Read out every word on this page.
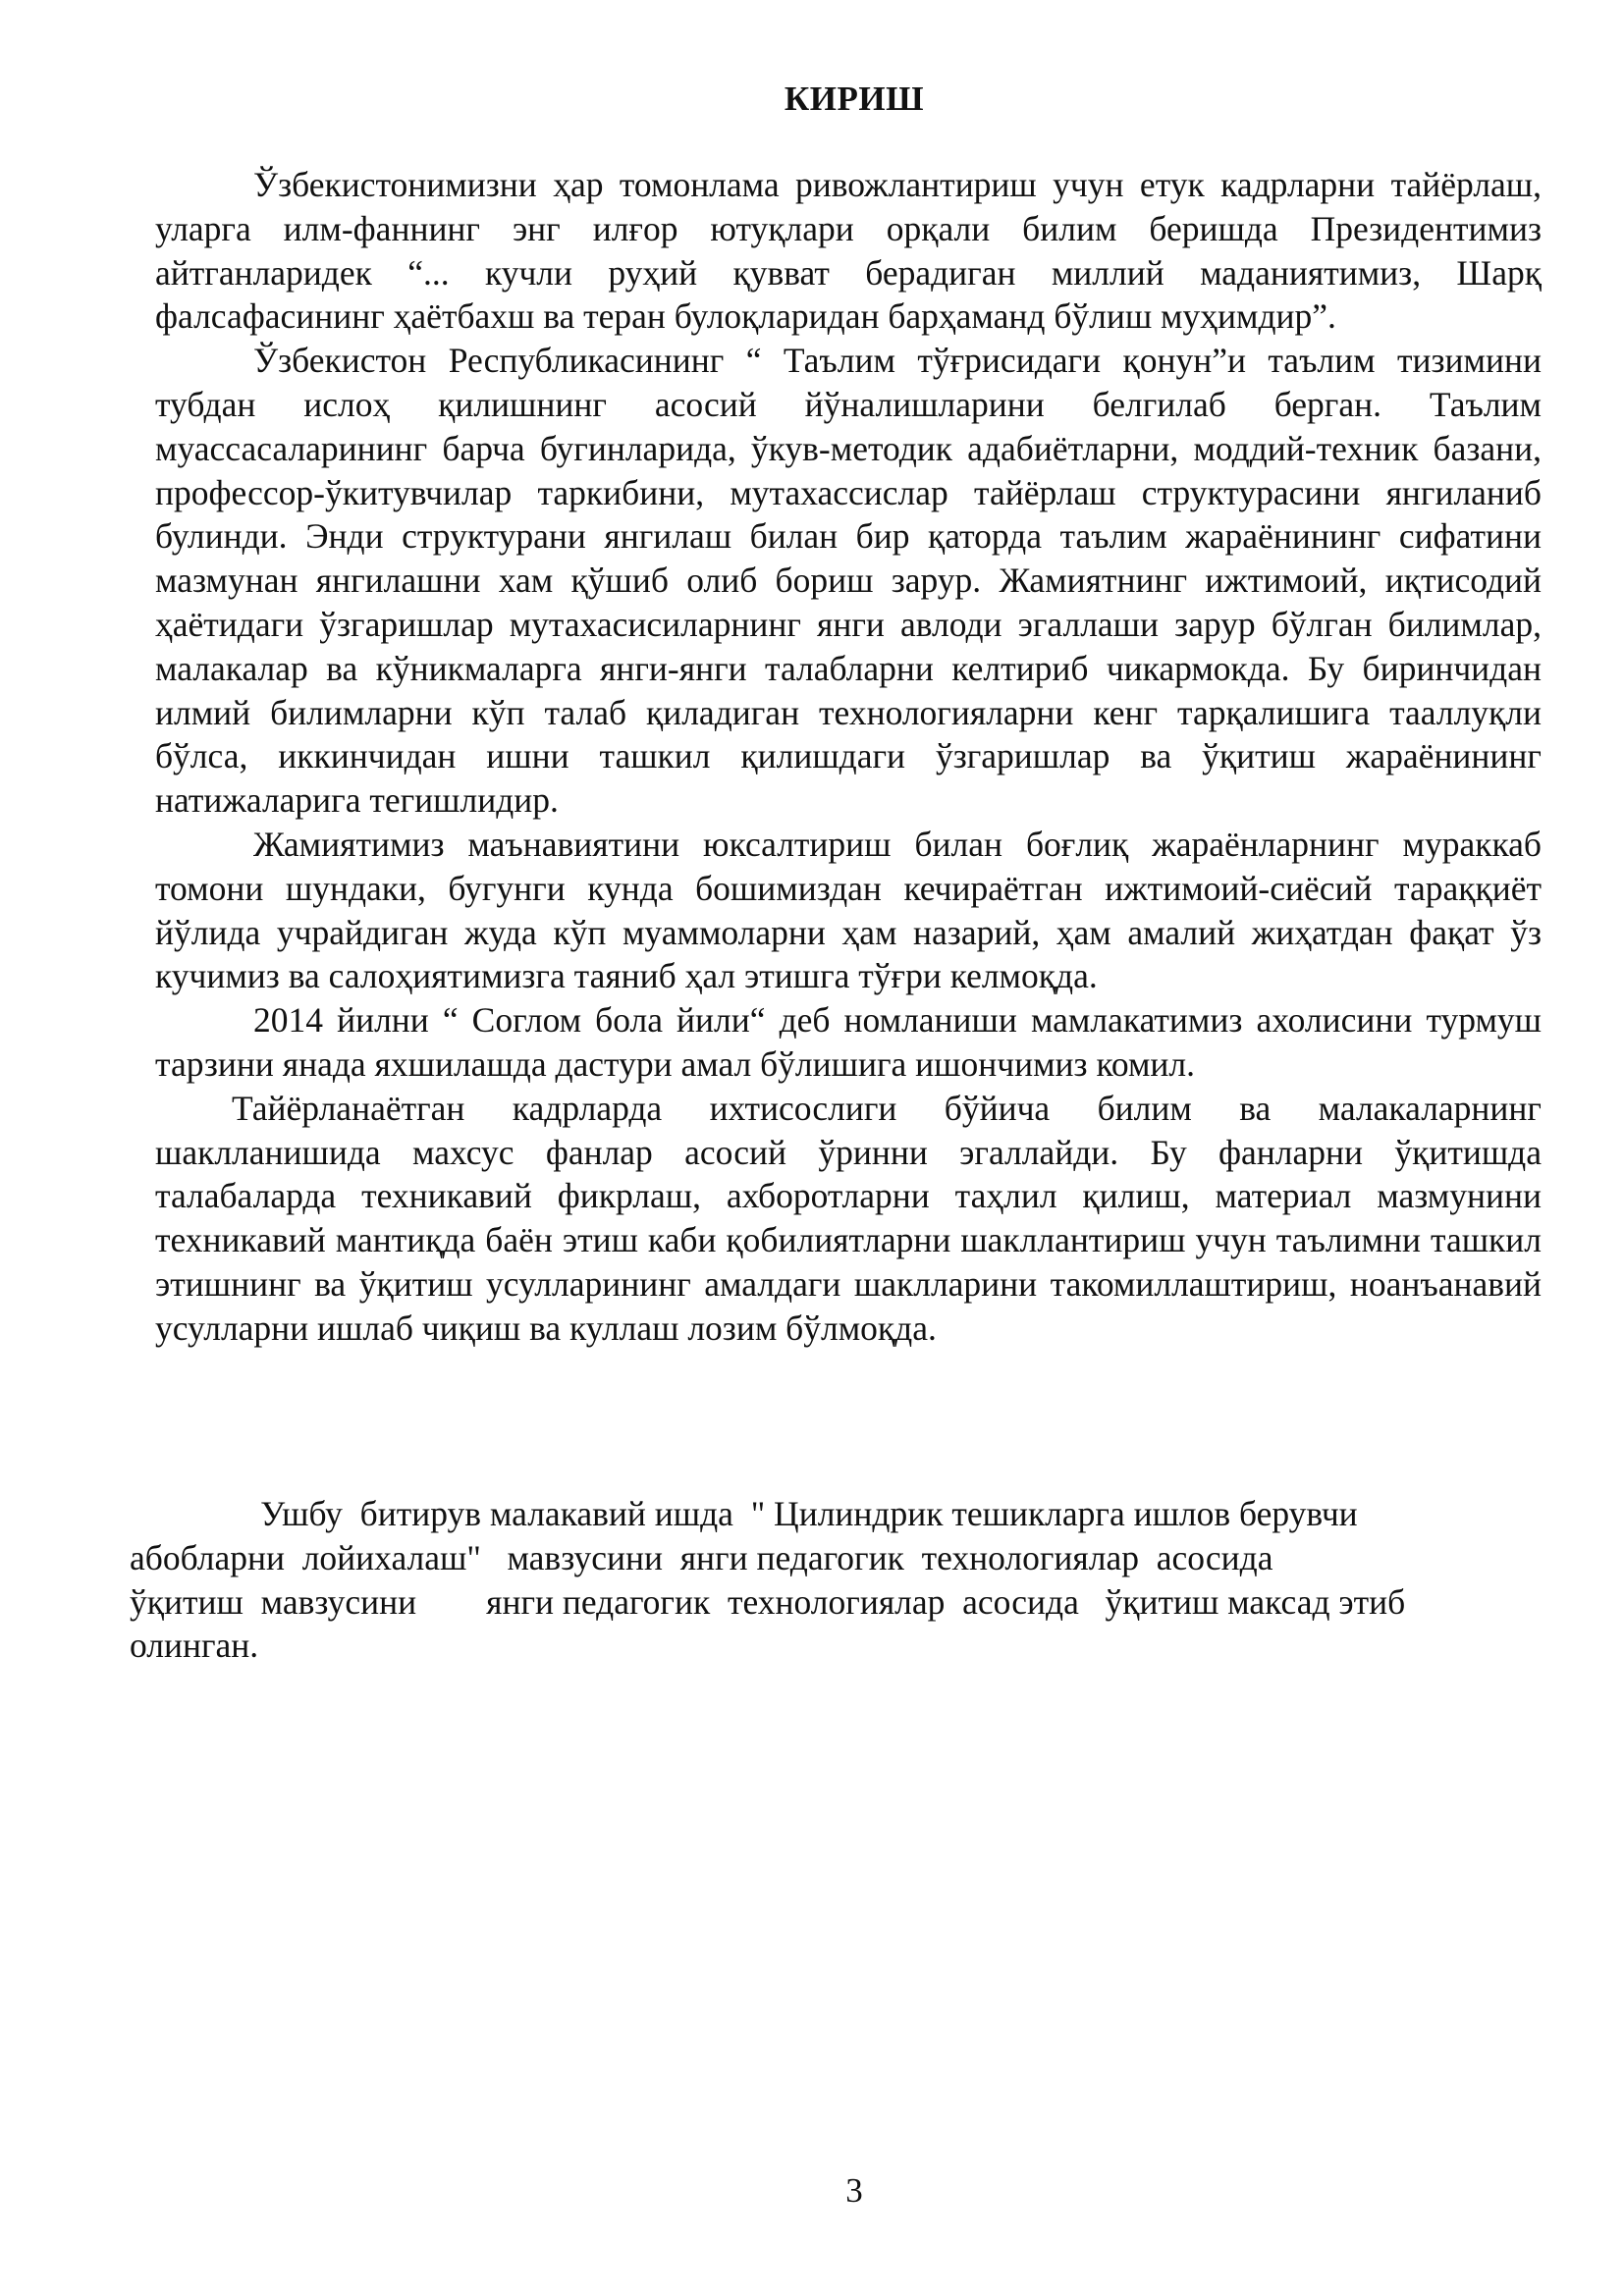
КИРИШ

Ўзбекистонимизни ҳар томонлама ривожлантириш учун етук кадрларни тайёрлаш, уларга илм-фаннинг энг илғор ютуқлари орқали билим беришда Президентимиз айтганларидек “... кучли руҳий қувват берадиган миллий маданиятимиз, Шарқ фалсафасининг ҳаётбахш ва теран булоқларидан барҳаманд бўлиш муҳимдир”.

Ўзбекистон Республикасининг “ Таълим тўғрисидаги қонун”и таълим тизимини тубдан ислоҳ қилишнинг асосий йўналишларини белгилаб берган. Таълим муассасаларининг барча бугинларида, ўкув-методик адабиётларни, моддий-техник базани, профессор-ўкитувчилар таркибини, мутахассислар тайёрлаш структурасини янгиланиб булинди. Энди структурани янгилаш билан бир қаторда таълим жараёнининг сифатини мазмунан янгилашни хам қўшиб олиб бориш зарур. Жамиятнинг ижтимоий, иқтисодий ҳаётидаги ўзгаришлар мутахасисиларнинг янги авлоди эгаллаши зарур бўлган билимлар, малакалар ва кўникмаларга янги-янги талабларни келтириб чикармокда. Бу биринчидан илмий билимларни кўп талаб қиладиган технологияларни кенг тарқалишига тааллуқли бўлса, иккинчидан ишни ташкил қилишдаги ўзгаришлар ва ўқитиш жараёнининг натижаларига тегишлидир.

Жамиятимиз маънавиятини юксалтириш билан боғлиқ жараёнларнинг мураккаб томони шундаки, бугунги кунда бошимиздан кечираётган ижтимоий-сиёсий тараққиёт йўлида учрайдиган жуда кўп муаммоларни ҳам назарий, ҳам амалий жиҳатдан фақат ўз кучимиз ва салоҳиятимизга таяниб ҳал этишга тўғри келмоқда.

2014 йилни “ Соглом бола йили“ деб номланиши мамлакатимиз ахолисини турмуш тарзини янада яхшилашда дастури амал бўлишига ишончимиз комил.

Тайёрланаётган кадрларда ихтисослиги бўйича билим ва малакаларнинг шаклланишида махсус фанлар асосий ўринни эгаллайди. Бу фанларни ўқитишда талабаларда техникавий фикрлаш, ахборотларни таҳлил қилиш, материал мазмунини техникавий мантиқда баён этиш каби қобилиятларни шакллантириш учун таълимни ташкил этишнинг ва ўқитиш усулларининг амалдаги шаклларини такомиллаштириш, ноанъанавий усулларни ишлаб чиқиш ва куллаш лозим бўлмоқда.

Ушбу  битирув малакавий ишда  " Цилиндрик тешикларга ишлов берувчи
абобларни  лойихалаш"   мавзусини  янги педагогик  технологиялар  асосида
ўқитиш  мавзусини        янги педагогик  технологиялар  асосида   ўқитиш максад этиб
олинган.
3
